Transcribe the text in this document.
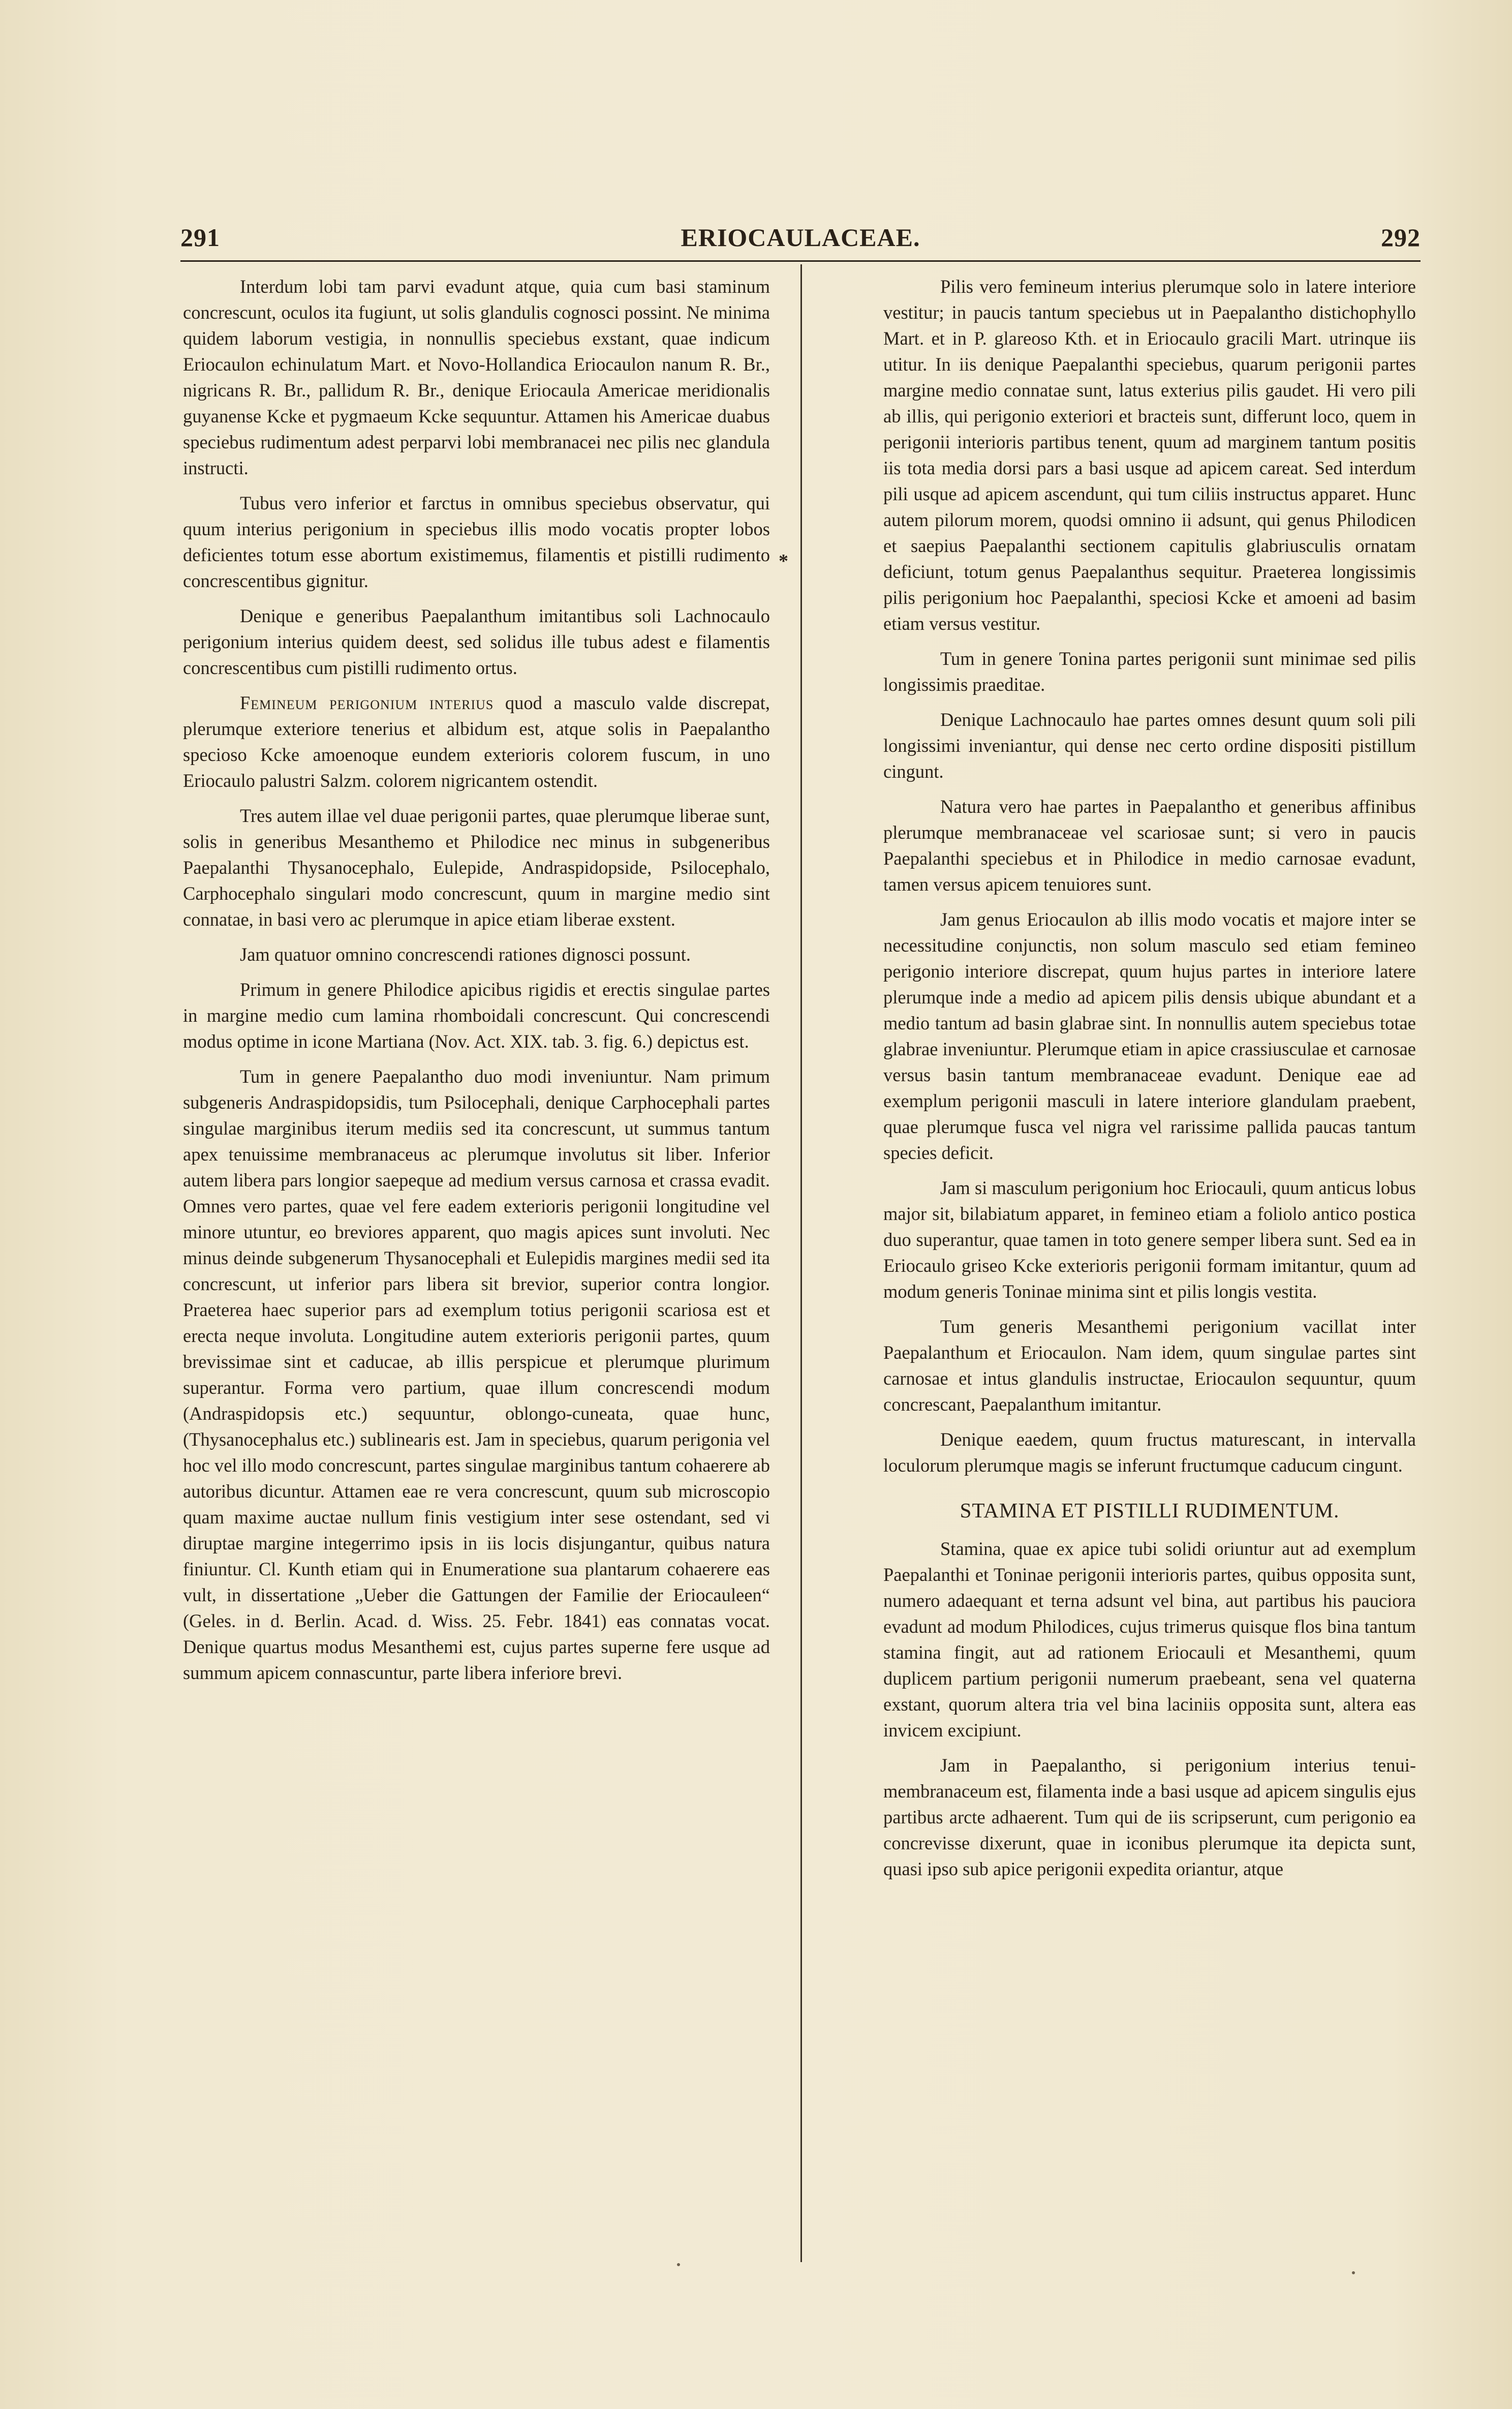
291	ERIOCAULACEAE.	292
*

Interdum lobi tam parvi evadunt atque, quia cum basi staminum concrescunt, oculos ita fugiunt, ut solis glandulis cognosci possint. Ne minima quidem laborum vestigia, in nonnullis speciebus exstant, quae indicum Eriocaulon echinulatum Mart. et Novo-Hollandica Eriocaulon nanum R. Br., nigricans R. Br., pallidum R. Br., denique Eriocaula Americae meridionalis guyanense Kcke et pygmaeum Kcke sequuntur. Attamen his Americae duabus speciebus rudimentum adest perparvi lobi membranacei nec pilis nec glandula instructi.

Tubus vero inferior et farctus in omnibus speciebus observatur, qui quum interius perigonium in speciebus illis modo vocatis propter lobos deficientes totum esse abortum existimemus, filamentis et pistilli rudimento concrescentibus gignitur.

Denique e generibus Paepalanthum imitantibus soli Lachnocaulo perigonium interius quidem deest, sed solidus ille tubus adest e filamentis concrescentibus cum pistilli rudimento ortus.

Femineum perigonium interius quod a masculo valde discrepat, plerumque exteriore tenerius et albidum est, atque solis in Paepalantho specioso Kcke amoenoque eundem exterioris colorem fuscum, in uno Eriocaulo palustri Salzm. colorem nigricantem ostendit.

Tres autem illae vel duae perigonii partes, quae plerumque liberae sunt, solis in generibus Mesanthemo et Philodice nec minus in subgeneribus Paepalanthi Thysanocephalo, Eulepide, Andraspidopside, Psilocephalo, Carphocephalo singulari modo concrescunt, quum in margine medio sint connatae, in basi vero ac plerumque in apice etiam liberae exstent.

Jam quatuor omnino concrescendi rationes dignosci possunt.

Primum in genere Philodice apicibus rigidis et erectis singulae partes in margine medio cum lamina rhomboidali concrescunt. Qui concrescendi modus optime in icone Martiana (Nov. Act. XIX. tab. 3. fig. 6.) depictus est.

Tum in genere Paepalantho duo modi inveniuntur. Nam primum subgeneris Andraspidopsidis, tum Psilocephali, denique Carphocephali partes singulae marginibus iterum mediis sed ita concrescunt, ut summus tantum apex tenuissime membranaceus ac plerumque involutus sit liber. Inferior autem libera pars longior saepeque ad medium versus carnosa et crassa evadit. Omnes vero partes, quae vel fere eadem exterioris perigonii longitudine vel minore utuntur, eo breviores apparent, quo magis apices sunt involuti. Nec minus deinde subgenerum Thysanocephali et Eulepidis margines medii sed ita concrescunt, ut inferior pars libera sit brevior, superior contra longior. Praeterea haec superior pars ad exemplum totius perigonii scariosa est et erecta neque involuta. Longitudine autem exterioris perigonii partes, quum brevissimae sint et caducae, ab illis perspicue et plerumque plurimum superantur. Forma vero partium, quae illum concrescendi modum (Andraspidopsis etc.) sequuntur, oblongo-cuneata, quae hunc, (Thysanocephalus etc.) sublinearis est. Jam in speciebus, quarum perigonia vel hoc vel illo modo concrescunt, partes singulae marginibus tantum cohaerere ab autoribus dicuntur. Attamen eae re vera concrescunt, quum sub microscopio quam maxime auctae nullum finis vestigium inter sese ostendant, sed vi diruptae margine integerrimo ipsis in iis locis disjungantur, quibus natura finiuntur. Cl. Kunth etiam qui in Enumeratione sua plantarum cohaerere eas vult, in dissertatione „Ueber die Gattungen der Familie der Eriocauleen“ (Geles. in d. Berlin. Acad. d. Wiss. 25. Febr. 1841) eas connatas vocat. Denique quartus modus Mesanthemi est, cujus partes superne fere usque ad summum apicem connascuntur, parte libera inferiore brevi.

Pilis vero femineum interius plerumque solo in latere interiore vestitur; in paucis tantum speciebus ut in Paepalantho distichophyllo Mart. et in P. glareoso Kth. et in Eriocaulo gracili Mart. utrinque iis utitur. In iis denique Paepalanthi speciebus, quarum perigonii partes margine medio connatae sunt, latus exterius pilis gaudet. Hi vero pili ab illis, qui perigonio exteriori et bracteis sunt, differunt loco, quem in perigonii interioris partibus tenent, quum ad marginem tantum positis iis tota media dorsi pars a basi usque ad apicem careat. Sed interdum pili usque ad apicem ascendunt, qui tum ciliis instructus apparet. Hunc autem pilorum morem, quodsi omnino ii adsunt, qui genus Philodicen et saepius Paepalanthi sectionem capitulis glabriusculis ornatam deficiunt, totum genus Paepalanthus sequitur. Praeterea longissimis pilis perigonium hoc Paepalanthi, speciosi Kcke et amoeni ad basim etiam versus vestitur.

Tum in genere Tonina partes perigonii sunt minimae sed pilis longissimis praeditae.

Denique Lachnocaulo hae partes omnes desunt quum soli pili longissimi inveniantur, qui dense nec certo ordine dispositi pistillum cingunt.

Natura vero hae partes in Paepalantho et generibus affinibus plerumque membranaceae vel scariosae sunt; si vero in paucis Paepalanthi speciebus et in Philodice in medio carnosae evadunt, tamen versus apicem tenuiores sunt.

Jam genus Eriocaulon ab illis modo vocatis et majore inter se necessitudine conjunctis, non solum masculo sed etiam femineo perigonio interiore discrepat, quum hujus partes in interiore latere plerumque inde a medio ad apicem pilis densis ubique abundant et a medio tantum ad basin glabrae sint. In nonnullis autem speciebus totae glabrae inveniuntur. Plerumque etiam in apice crassiusculae et carnosae versus basin tantum membranaceae evadunt. Denique eae ad exemplum perigonii masculi in latere interiore glandulam praebent, quae plerumque fusca vel nigra vel rarissime pallida paucas tantum species deficit.

Jam si masculum perigonium hoc Eriocauli, quum anticus lobus major sit, bilabiatum apparet, in femineo etiam a foliolo antico postica duo superantur, quae tamen in toto genere semper libera sunt. Sed ea in Eriocaulo griseo Kcke exterioris perigonii formam imitantur, quum ad modum generis Toninae minima sint et pilis longis vestita.

Tum generis Mesanthemi perigonium vacillat inter Paepalanthum et Eriocaulon. Nam idem, quum singulae partes sint carnosae et intus glandulis instructae, Eriocaulon sequuntur, quum concrescant, Paepalanthum imitantur.

Denique eaedem, quum fructus maturescant, in intervalla loculorum plerumque magis se inferunt fructumque caducum cingunt.

STAMINA ET PISTILLI RUDIMENTUM.

Stamina, quae ex apice tubi solidi oriuntur aut ad exemplum Paepalanthi et Toninae perigonii interioris partes, quibus opposita sunt, numero adaequant et terna adsunt vel bina, aut partibus his pauciora evadunt ad modum Philodices, cujus trimerus quisque flos bina tantum stamina fingit, aut ad rationem Eriocauli et Mesanthemi, quum duplicem partium perigonii numerum praebeant, sena vel quaterna exstant, quorum altera tria vel bina laciniis opposita sunt, altera eas invicem excipiunt.

Jam in Paepalantho, si perigonium interius tenui-membranaceum est, filamenta inde a basi usque ad apicem singulis ejus partibus arcte adhaerent. Tum qui de iis scripserunt, cum perigonio ea concrevisse dixerunt, quae in iconibus plerumque ita depicta sunt, quasi ipso sub apice perigonii expedita oriantur, atque
